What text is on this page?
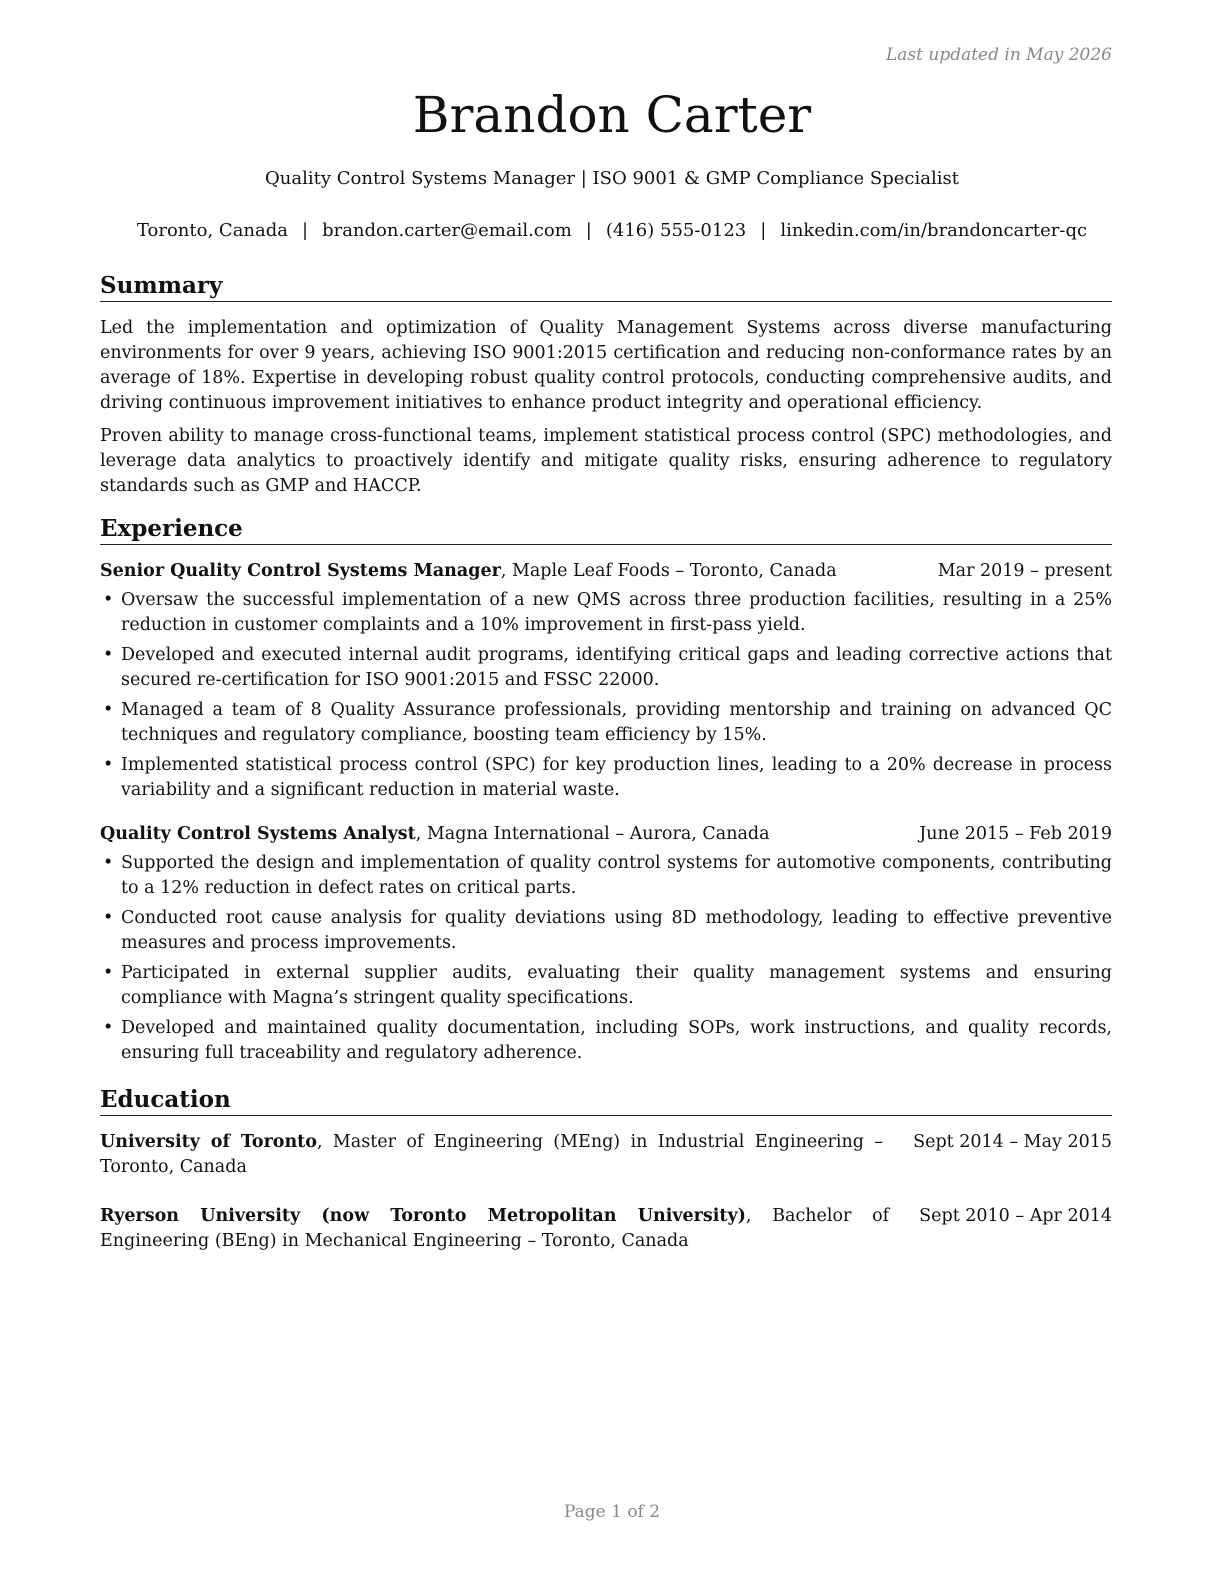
Last updated in May 2026
Brandon Carter
Quality Control Systems Manager | ISO 9001 & GMP Compliance Specialist
Toronto, Canada | brandon.carter@email.com | (416) 555-0123 | linkedin.com/in/brandoncarter-qc
Summary

Led the implementation and optimization of Quality Management Systems across diverse manufacturing environments for over 9 years, achieving ISO 9001:2015 certification and reducing non-conformance rates by an average of 18%. Expertise in developing robust quality control protocols, conducting comprehensive audits, and driving continuous improvement initiatives to enhance product integrity and operational efficiency.

Proven ability to manage cross-functional teams, implement statistical process control (SPC) methodologies, and leverage data analytics to proactively identify and mitigate quality risks, ensuring adherence to regulatory standards such as GMP and HACCP.

Experience
Senior Quality Control Systems Manager, Maple Leaf Foods – Toronto, Canada	Mar 2019 – present
• Oversaw the successful implementation of a new QMS across three production facilities, resulting in a 25% reduction in customer complaints and a 10% improvement in first-pass yield.
• Developed and executed internal audit programs, identifying critical gaps and leading corrective actions that secured re-certification for ISO 9001:2015 and FSSC 22000.
• Managed a team of 8 Quality Assurance professionals, providing mentorship and training on advanced QC techniques and regulatory compliance, boosting team efficiency by 15%.
• Implemented statistical process control (SPC) for key production lines, leading to a 20% decrease in process variability and a significant reduction in material waste.
Quality Control Systems Analyst, Magna International – Aurora, Canada	June 2015 – Feb 2019
• Supported the design and implementation of quality control systems for automotive components, contributing to a 12% reduction in defect rates on critical parts.
• Conducted root cause analysis for quality deviations using 8D methodology, leading to effective preventive measures and process improvements.
• Participated in external supplier audits, evaluating their quality management systems and ensuring compliance with Magna’s stringent quality specifications.
• Developed and maintained quality documentation, including SOPs, work instructions, and quality records, ensuring full traceability and regulatory adherence.
Education
University of Toronto, Master of Engineering (MEng) in Industrial Engineering – Toronto, Canada
Sept 2014 – May 2015
Ryerson University (now Toronto Metropolitan University), Bachelor of Engineering (BEng) in Mechanical Engineering – Toronto, Canada
Sept 2010 – Apr 2014
Page 1 of 2
